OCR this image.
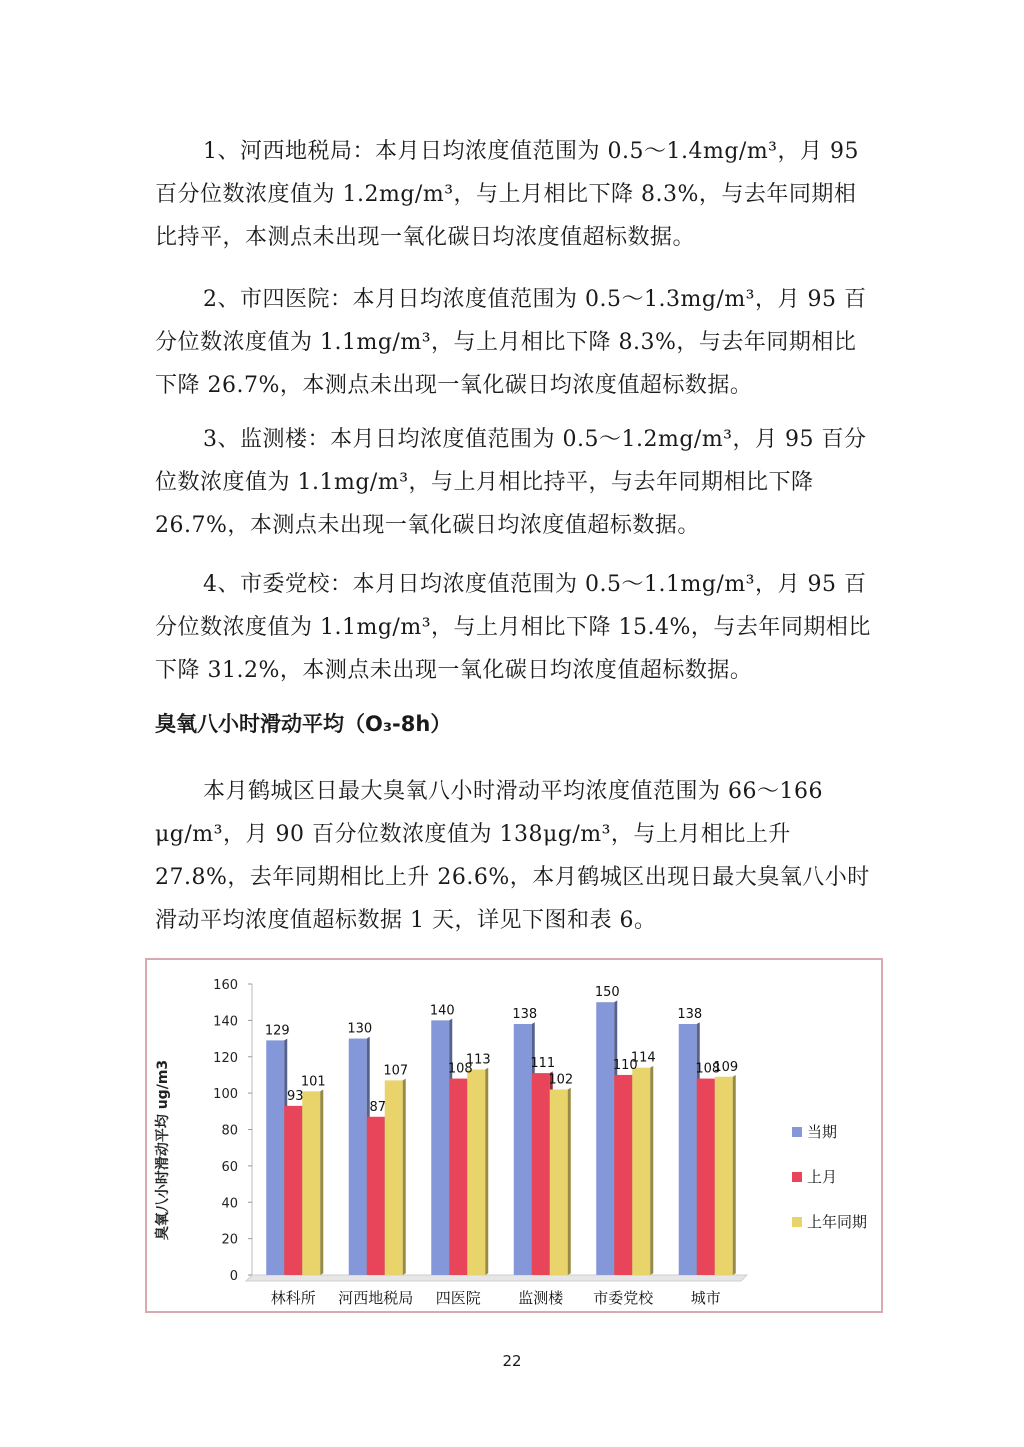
1、河西地税局：本月日均浓度值范围为 0.5～1.4mg/m³，月 95 百分位数浓度值为 1.2mg/m³，与上月相比下降 8.3%，与去年同期相比持平，本测点未出现一氧化碳日均浓度值超标数据。

2、市四医院：本月日均浓度值范围为 0.5～1.3mg/m³，月 95 百分位数浓度值为 1.1mg/m³，与上月相比下降 8.3%，与去年同期相比下降 26.7%，本测点未出现一氧化碳日均浓度值超标数据。

3、监测楼：本月日均浓度值范围为 0.5～1.2mg/m³，月 95 百分位数浓度值为 1.1mg/m³，与上月相比持平，与去年同期相比下降 26.7%，本测点未出现一氧化碳日均浓度值超标数据。

4、市委党校：本月日均浓度值范围为 0.5～1.1mg/m³，月 95 百分位数浓度值为 1.1mg/m³，与上月相比下降 15.4%，与去年同期相比下降 31.2%，本测点未出现一氧化碳日均浓度值超标数据。

臭氧八小时滑动平均（O₃-8h）

本月鹤城区日最大臭氧八小时滑动平均浓度值范围为 66～166 μg/m³，月 90 百分位数浓度值为 138μg/m³，与上月相比上升 27.8%，去年同期相比上升 26.6%，本月鹤城区出现日最大臭氧八小时滑动平均浓度值超标数据 1 天，详见下图和表 6。

臭氧八小时滑动平均 ug/m3
0
20
40
60
80
100
120
140
160
129
93
101
林科所
130
87
107
河西地税局
140
108
113
四医院
138
111
102
监测楼
150
110
114
市委党校
138
108
109
城市
当期
上月
上年同期
22
